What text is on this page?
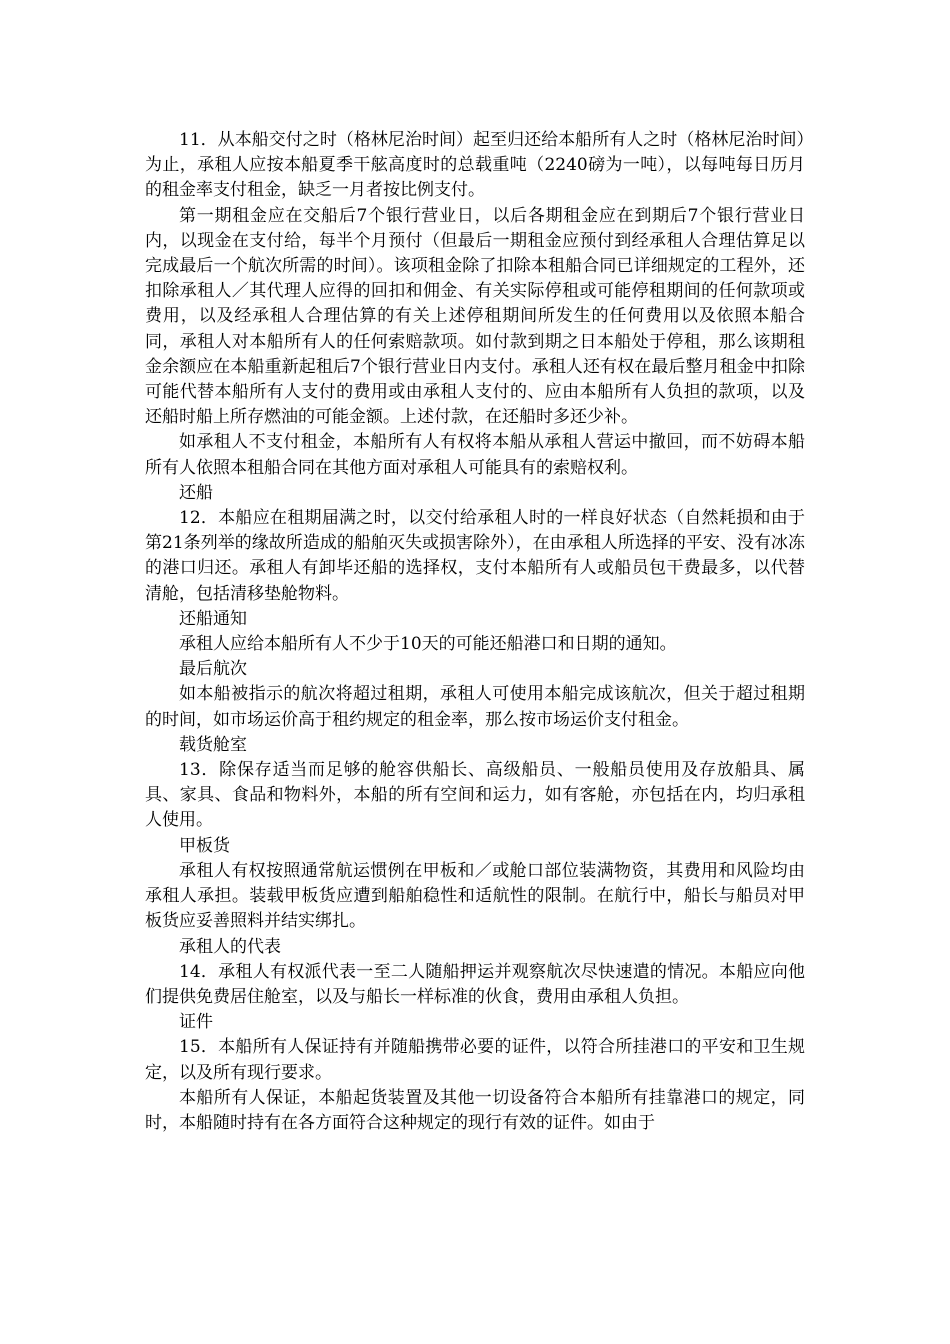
11．从本船交付之时（格林尼治时间）起至归还给本船所有人之时（格林尼治时间）为止，承租人应按本船夏季干舷高度时的总载重吨（2240磅为一吨），以每吨每日历月的租金率支付租金，缺乏一月者按比例支付。

第一期租金应在交船后7个银行营业日，以后各期租金应在到期后7个银行营业日内，以现金在支付给，每半个月预付（但最后一期租金应预付到经承租人合理估算足以完成最后一个航次所需的时间）。该项租金除了扣除本租船合同已详细规定的工程外，还扣除承租人／其代理人应得的回扣和佣金、有关实际停租或可能停租期间的任何款项或费用，以及经承租人合理估算的有关上述停租期间所发生的任何费用以及依照本船合同，承租人对本船所有人的任何索赔款项。如付款到期之日本船处于停租，那么该期租金余额应在本船重新起租后7个银行营业日内支付。承租人还有权在最后整月租金中扣除可能代替本船所有人支付的费用或由承租人支付的、应由本船所有人负担的款项，以及还船时船上所存燃油的可能金额。上述付款，在还船时多还少补。

如承租人不支付租金，本船所有人有权将本船从承租人营运中撤回，而不妨碍本船所有人依照本租船合同在其他方面对承租人可能具有的索赔权利。

还船

12．本船应在租期届满之时，以交付给承租人时的一样良好状态（自然耗损和由于第21条列举的缘故所造成的船舶灭失或损害除外），在由承租人所选择的平安、没有冰冻的港口归还。承租人有卸毕还船的选择权，支付本船所有人或船员包干费最多，以代替清舱，包括清移垫舱物料。

还船通知

承租人应给本船所有人不少于10天的可能还船港口和日期的通知。

最后航次

如本船被指示的航次将超过租期，承租人可使用本船完成该航次，但关于超过租期的时间，如市场运价高于租约规定的租金率，那么按市场运价支付租金。

载货舱室

13．除保存适当而足够的舱容供船长、高级船员、一般船员使用及存放船具、属具、家具、食品和物料外，本船的所有空间和运力，如有客舱，亦包括在内，均归承租人使用。

甲板货

承租人有权按照通常航运惯例在甲板和／或舱口部位装满物资，其费用和风险均由承租人承担。装载甲板货应遭到船舶稳性和适航性的限制。在航行中，船长与船员对甲板货应妥善照料并结实绑扎。

承租人的代表

14．承租人有权派代表一至二人随船押运并观察航次尽快速遣的情况。本船应向他们提供免费居住舱室，以及与船长一样标准的伙食，费用由承租人负担。

证件

15．本船所有人保证持有并随船携带必要的证件，以符合所挂港口的平安和卫生规定，以及所有现行要求。

本船所有人保证，本船起货装置及其他一切设备符合本船所有挂靠港口的规定，同时，本船随时持有在各方面符合这种规定的现行有效的证件。如由于
